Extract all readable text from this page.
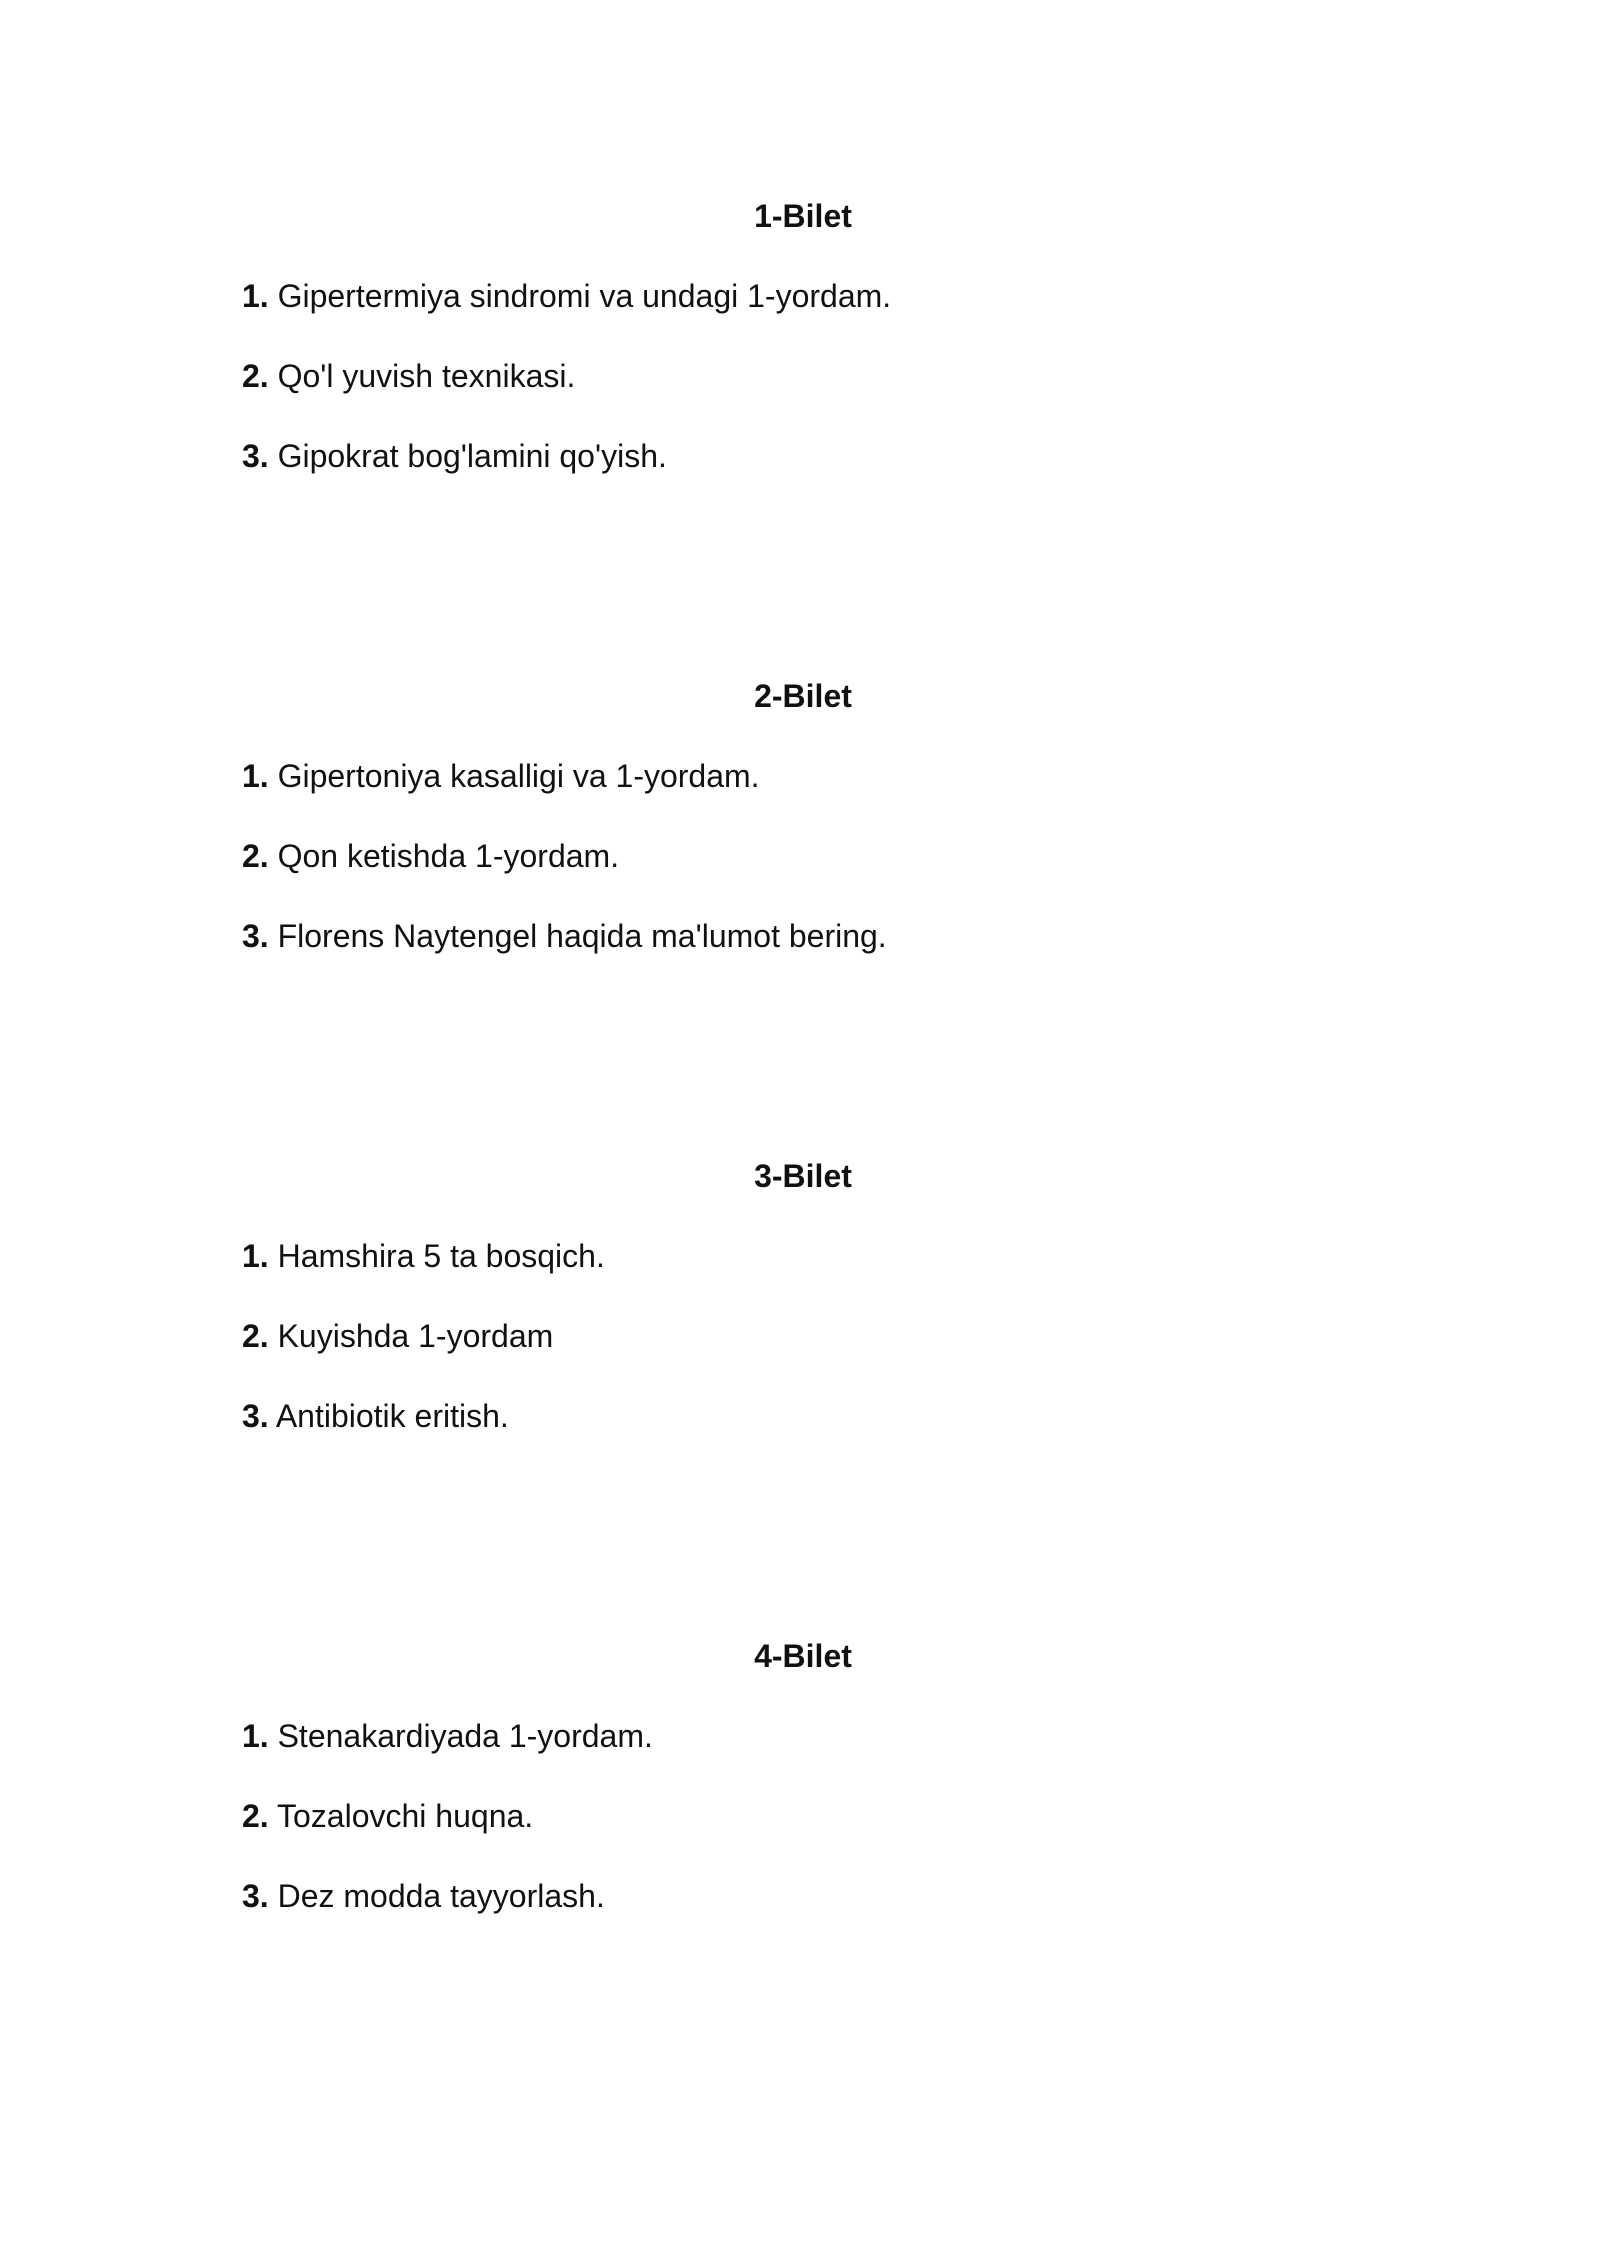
1-Bilet
1. Gipertermiya sindromi va undagi 1-yordam.
2. Qo'l yuvish texnikasi.
3. Gipokrat bog'lamini qo'yish.
2-Bilet
1. Gipertoniya kasalligi va 1-yordam.
2. Qon ketishda 1-yordam.
3. Florens Naytengel haqida ma'lumot bering.
3-Bilet
1. Hamshira 5 ta bosqich.
2. Kuyishda 1-yordam
3. Antibiotik eritish.
4-Bilet
1. Stenakardiyada 1-yordam.
2. Tozalovchi huqna.
3. Dez modda tayyorlash.
